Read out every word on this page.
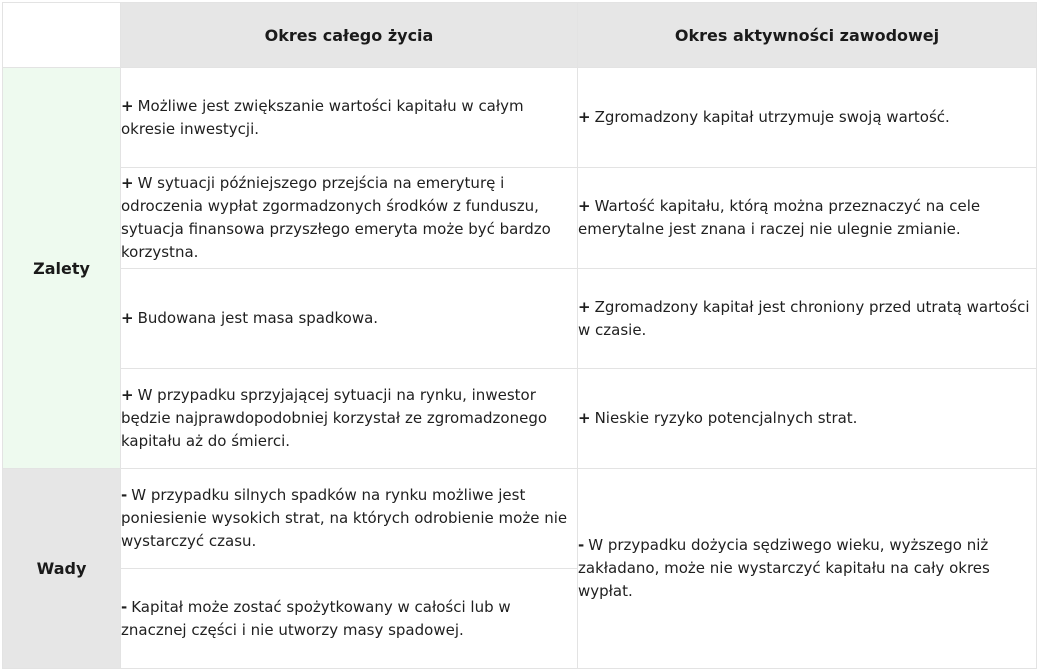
	Okres całego życia	Okres aktywności zawodowej
Zalety	+ Możliwe jest zwiększanie wartości kapitału w całym okresie inwestycji.	+ Zgromadzony kapitał utrzymuje swoją wartość.
	+ W sytuacji późniejszego przejścia na emeryturę i odroczenia wypłat zgormadzonych środków z funduszu, sytuacja finansowa przyszłego emeryta może być bardzo korzystna.	+ Wartość kapitału, którą można przeznaczyć na cele emerytalne jest znana i raczej nie ulegnie zmianie.
	+ Budowana jest masa spadkowa.	+ Zgromadzony kapitał jest chroniony przed utratą wartości w czasie.
	+ W przypadku sprzyjającej sytuacji na rynku, inwestor będzie najprawdopodobniej korzystał ze zgromadzonego kapitału aż do śmierci.	+ Nieskie ryzyko potencjalnych strat.
Wady	- W przypadku silnych spadków na rynku możliwe jest poniesienie wysokich strat, na których odrobienie może nie wystarczyć czasu.	- W przypadku dożycia sędziwego wieku, wyższego niż zakładano, może nie wystarczyć kapitału na cały okres wypłat.
	- Kapitał może zostać spożytkowany w całości lub w znacznej części i nie utworzy masy spadowej.	
